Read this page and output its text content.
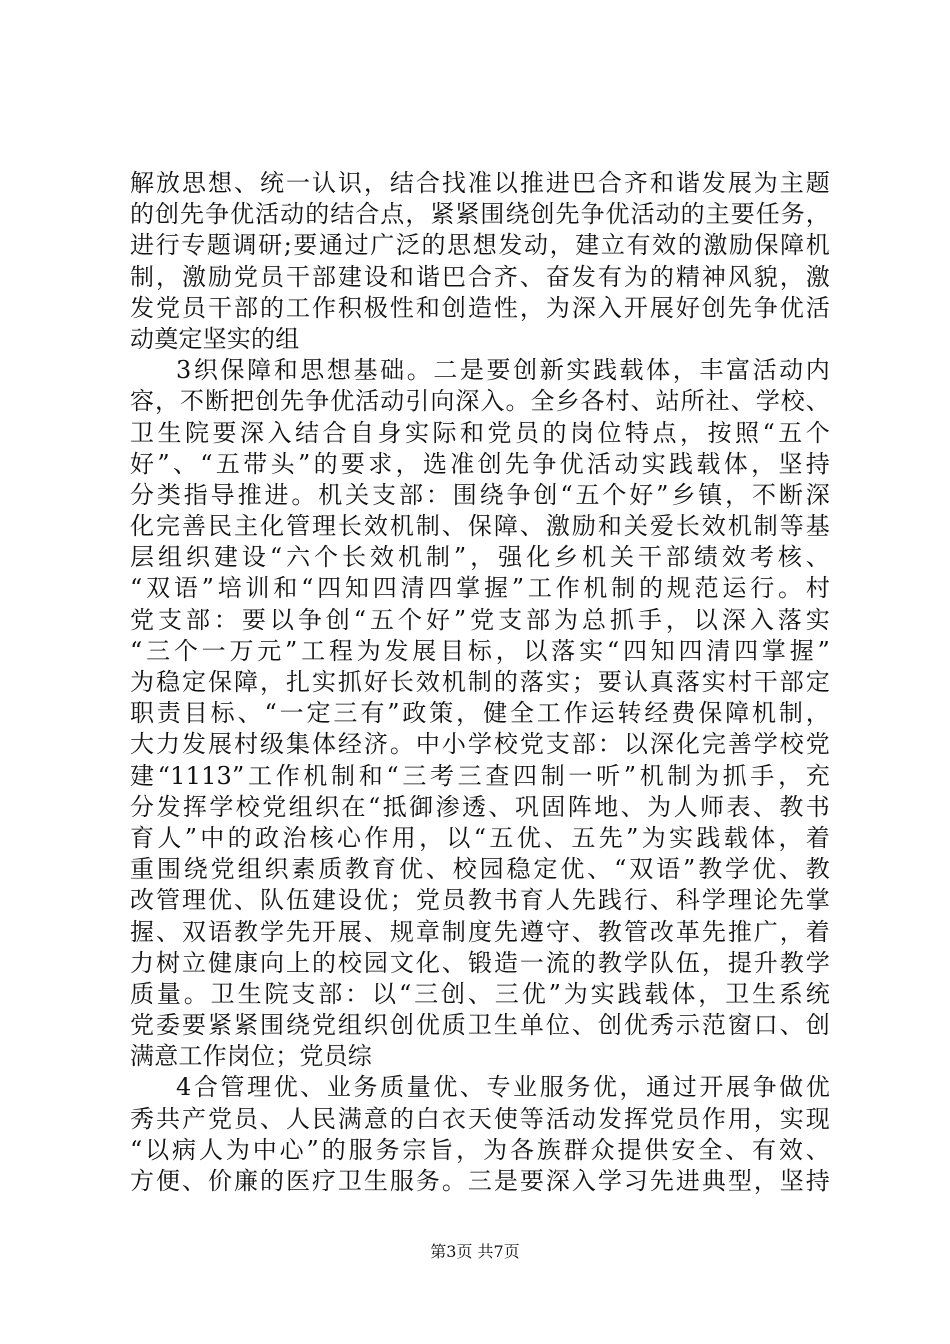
解放思想、统一认识，结合找准以推进巴合齐和谐发展为主题
的创先争优活动的结合点，紧紧围绕创先争优活动的主要任务，
进行专题调研;要通过广泛的思想发动，建立有效的激励保障机
制，激励党员干部建设和谐巴合齐、奋发有为的精神风貌，激
发党员干部的工作积极性和创造性，为深入开展好创先争优活
动奠定坚实的组
3织保障和思想基础。二是要创新实践载体，丰富活动内
容，不断把创先争优活动引向深入。全乡各村、站所社、学校、
卫生院要深入结合自身实际和党员的岗位特点，按照“五个
好”、“五带头”的要求，选准创先争优活动实践载体，坚持
分类指导推进。机关支部：围绕争创“五个好”乡镇，不断深
化完善民主化管理长效机制、保障、激励和关爱长效机制等基
层组织建设“六个长效机制”，强化乡机关干部绩效考核、
“双语”培训和“四知四清四掌握”工作机制的规范运行。村
党支部：要以争创“五个好”党支部为总抓手，以深入落实
“三个一万元”工程为发展目标，以落实“四知四清四掌握”
为稳定保障，扎实抓好长效机制的落实；要认真落实村干部定
职责目标、“一定三有”政策，健全工作运转经费保障机制，
大力发展村级集体经济。中小学校党支部：以深化完善学校党
建“1113”工作机制和“三考三查四制一听”机制为抓手，充
分发挥学校党组织在“抵御渗透、巩固阵地、为人师表、教书
育人”中的政治核心作用，以“五优、五先”为实践载体，着
重围绕党组织素质教育优、校园稳定优、“双语”教学优、教
改管理优、队伍建设优；党员教书育人先践行、科学理论先掌
握、双语教学先开展、规章制度先遵守、教管改革先推广，着
力树立健康向上的校园文化、锻造一流的教学队伍，提升教学
质量。卫生院支部：以“三创、三优”为实践载体，卫生系统
党委要紧紧围绕党组织创优质卫生单位、创优秀示范窗口、创
满意工作岗位；党员综
4合管理优、业务质量优、专业服务优，通过开展争做优
秀共产党员、人民满意的白衣天使等活动发挥党员作用，实现
“以病人为中心”的服务宗旨，为各族群众提供安全、有效、
方便、价廉的医疗卫生服务。三是要深入学习先进典型，坚持
第3页 共7页
